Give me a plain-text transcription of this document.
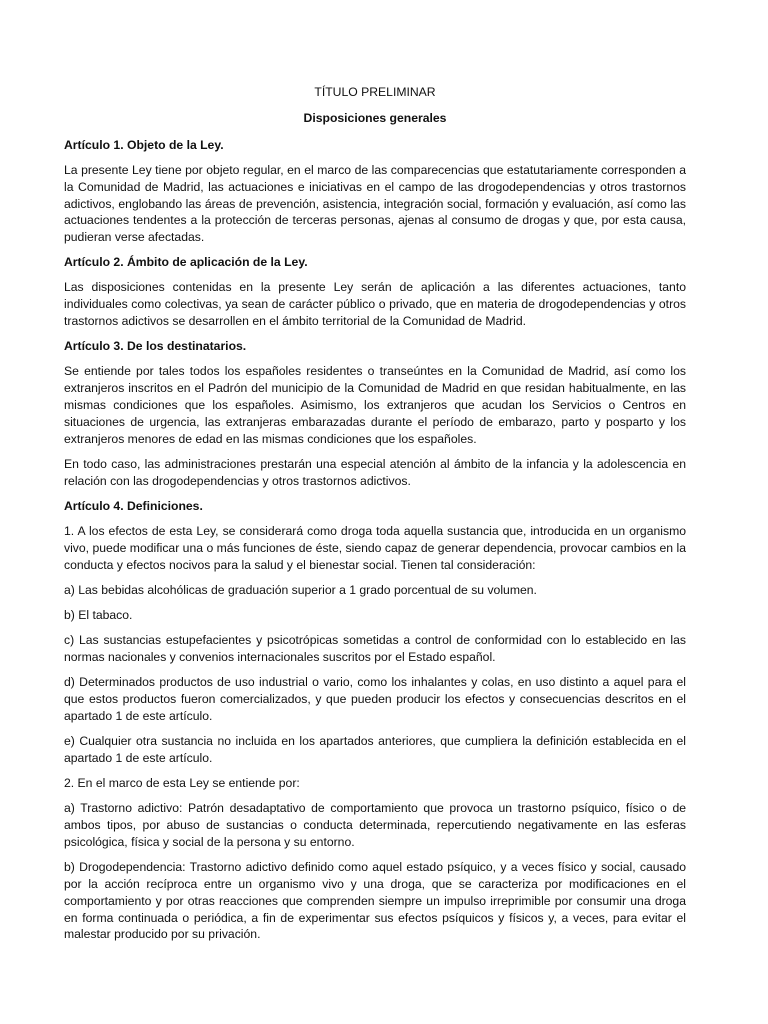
TÍTULO PRELIMINAR
Disposiciones generales
Artículo 1. Objeto de la Ley.

La presente Ley tiene por objeto regular, en el marco de las comparecencias que estatutariamente corresponden a la Comunidad de Madrid, las actuaciones e iniciativas en el campo de las drogodependencias y otros trastornos adictivos, englobando las áreas de prevención, asistencia, integración social, formación y evaluación, así como las actuaciones tendentes a la protección de terceras personas, ajenas al consumo de drogas y que, por esta causa, pudieran verse afectadas.

Artículo 2. Ámbito de aplicación de la Ley.

Las disposiciones contenidas en la presente Ley serán de aplicación a las diferentes actuaciones, tanto individuales como colectivas, ya sean de carácter público o privado, que en materia de drogodependencias y otros trastornos adictivos se desarrollen en el ámbito territorial de la Comunidad de Madrid.

Artículo 3. De los destinatarios.

Se entiende por tales todos los españoles residentes o transeúntes en la Comunidad de Madrid, así como los extranjeros inscritos en el Padrón del municipio de la Comunidad de Madrid en que residan habitualmente, en las mismas condiciones que los españoles. Asimismo, los extranjeros que acudan los Servicios o Centros en situaciones de urgencia, las extranjeras embarazadas durante el período de embarazo, parto y posparto y los extranjeros menores de edad en las mismas condiciones que los españoles.

En todo caso, las administraciones prestarán una especial atención al ámbito de la infancia y la adolescencia en relación con las drogodependencias y otros trastornos adictivos.

Artículo 4. Definiciones.

1. A los efectos de esta Ley, se considerará como droga toda aquella sustancia que, introducida en un organismo vivo, puede modificar una o más funciones de éste, siendo capaz de generar dependencia, provocar cambios en la conducta y efectos nocivos para la salud y el bienestar social. Tienen tal consideración:

a) Las bebidas alcohólicas de graduación superior a 1 grado porcentual de su volumen.

b) El tabaco.

c) Las sustancias estupefacientes y psicotrópicas sometidas a control de conformidad con lo establecido en las normas nacionales y convenios internacionales suscritos por el Estado español.

d) Determinados productos de uso industrial o vario, como los inhalantes y colas, en uso distinto a aquel para el que estos productos fueron comercializados, y que pueden producir los efectos y consecuencias descritos en el apartado 1 de este artículo.

e) Cualquier otra sustancia no incluida en los apartados anteriores, que cumpliera la definición establecida en el apartado 1 de este artículo.

2. En el marco de esta Ley se entiende por:

a) Trastorno adictivo: Patrón desadaptativo de comportamiento que provoca un trastorno psíquico, físico o de ambos tipos, por abuso de sustancias o conducta determinada, repercutiendo negativamente en las esferas psicológica, física y social de la persona y su entorno.

b) Drogodependencia: Trastorno adictivo definido como aquel estado psíquico, y a veces físico y social, causado por la acción recíproca entre un organismo vivo y una droga, que se caracteriza por modificaciones en el comportamiento y por otras reacciones que comprenden siempre un impulso irreprimible por consumir una droga en forma continuada o periódica, a fin de experimentar sus efectos psíquicos y físicos y, a veces, para evitar el malestar producido por su privación.
